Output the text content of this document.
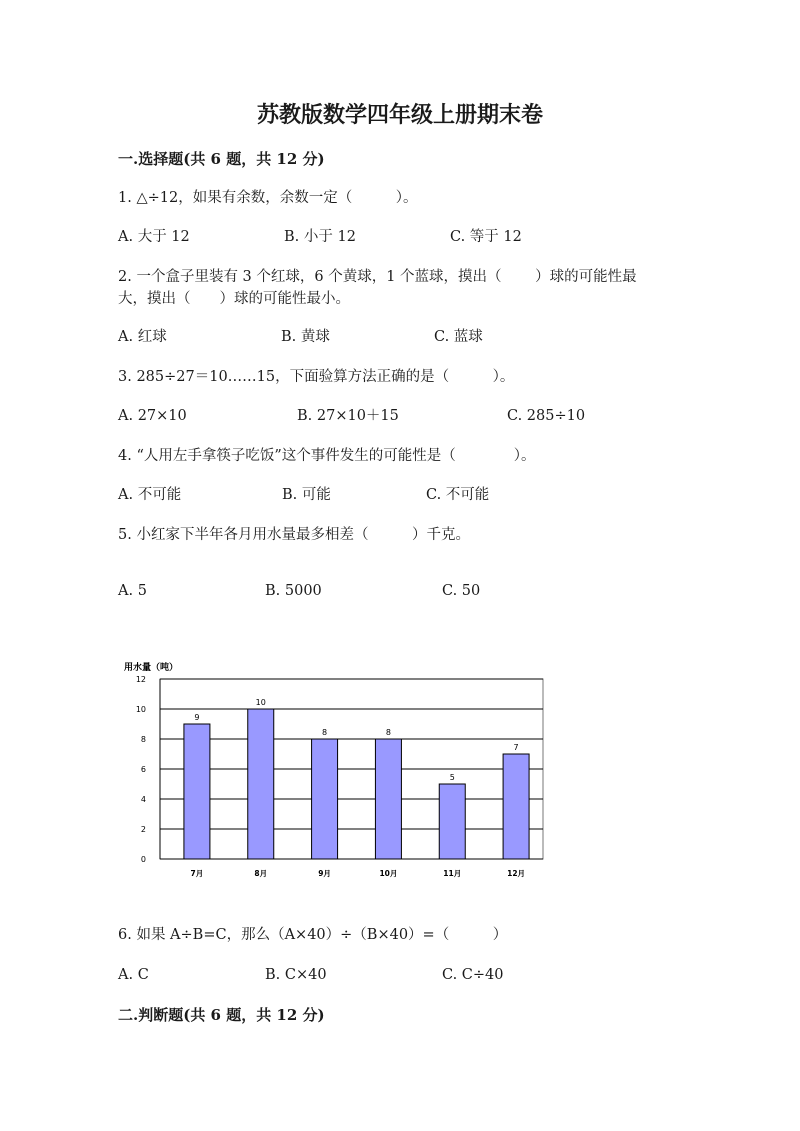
苏教版数学四年级上册期末卷
一.选择题(共 6 题，共 12 分)
1. △÷12，如果有余数，余数一定（　　　）。
A. 大于 12	B. 小于 12	C. 等于 12
2. 一个盒子里装有 3 个红球，6 个黄球，1 个蓝球，摸出（　　 ）球的可能性最
大，摸出（　　）球的可能性最小。
A. 红球	B. 黄球	C. 蓝球
3. 285÷27＝10……15，下面验算方法正确的是（　　　）。
A. 27×10	B. 27×10＋15	C. 285÷10
4. “人用左手拿筷子吃饭”这个事件发生的可能性是（　　　　）。
A. 不可能	B. 可能	C. 不可能
5. 小红家下半年各月用水量最多相差（　　　）千克。
A. 5	B. 5000	C. 50
用水量（吨）
0
2
4
6
8
10
12
9
7月
10
8月
8
9月
8
10月
5
11月
7
12月
6. 如果 A÷B=C，那么（A×40）÷（B×40）=（　　　）
A. C	B. C×40	C. C÷40
二.判断题(共 6 题，共 12 分)
